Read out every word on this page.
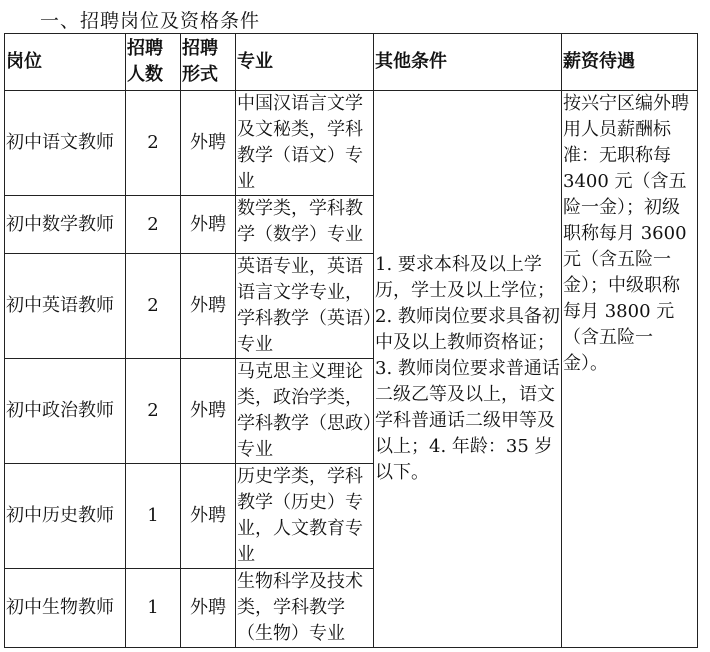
一、招聘岗位及资格条件
岗位	招聘人数	招聘形式	专业	其他条件	薪资待遇
初中语文教师	2	外聘	中国汉语言文学及文秘类，学科教学（语文）专业	1. 要求本科及以上学历，学士及以上学位；2. 教师岗位要求具备初中及以上教师资格证；3. 教师岗位要求普通话二级乙等及以上，语文学科普通话二级甲等及以上；4. 年龄：35 岁以下。	按兴宁区编外聘用人员薪酬标准：无职称每 3400 元（含五险一金）；初级职称每月 3600 元（含五险一金）；中级职称每月 3800 元（含五险一金）。
初中数学教师	2	外聘	数学类，学科教学（数学）专业		
初中英语教师	2	外聘	英语专业，英语语言文学专业，学科教学（英语）专业		
初中政治教师	2	外聘	马克思主义理论类，政治学类，学科教学（思政）专业		
初中历史教师	1	外聘	历史学类，学科教学（历史）专业，人文教育专业		
初中生物教师	1	外聘	生物科学及技术类，学科教学（生物）专业		
